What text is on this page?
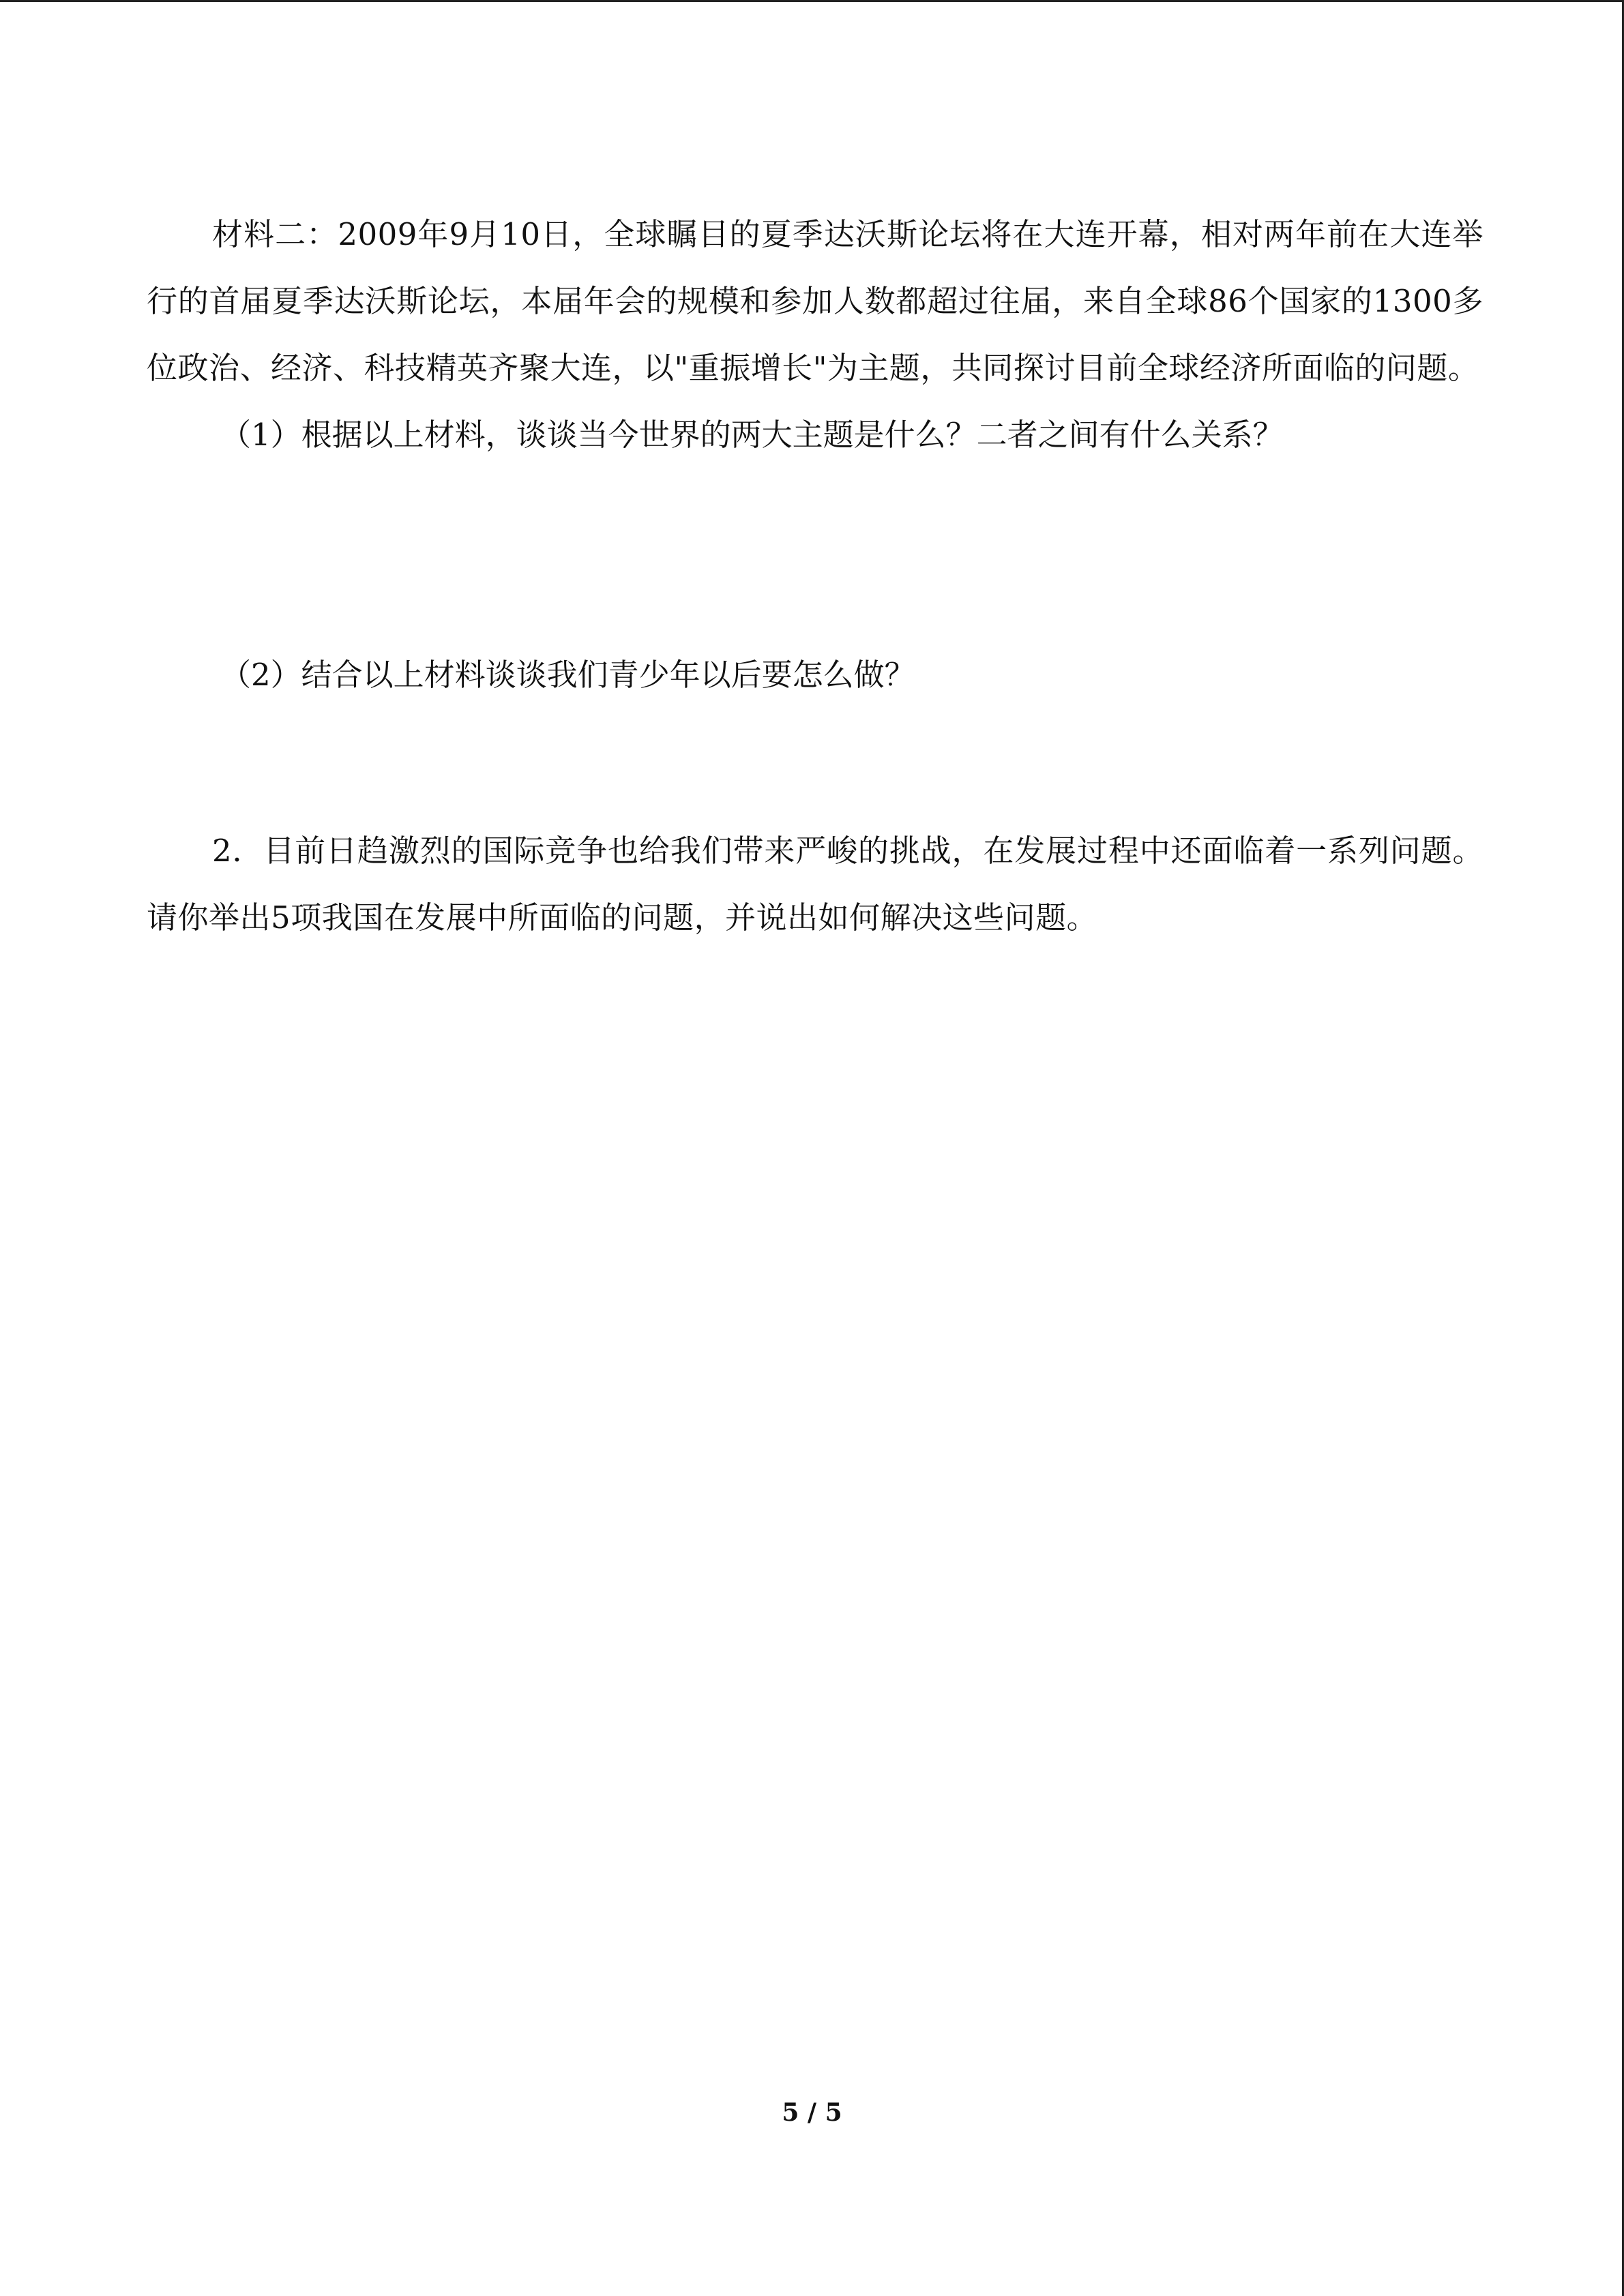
材料二：2009年9月10日，全球瞩目的夏季达沃斯论坛将在大连开幕，相对两年前在大连举行的首届夏季达沃斯论坛，本届年会的规模和参加人数都超过往届，来自全球86个国家的1300多位政治、经济、科技精英齐聚大连，以"重振增长"为主题，共同探讨目前全球经济所面临的问题。

（1）根据以上材料，谈谈当今世界的两大主题是什么？二者之间有什么关系？

（2）结合以上材料谈谈我们青少年以后要怎么做？

2．目前日趋激烈的国际竞争也给我们带来严峻的挑战，在发展过程中还面临着一系列问题。请你举出5项我国在发展中所面临的问题，并说出如何解决这些问题。

5 / 5
